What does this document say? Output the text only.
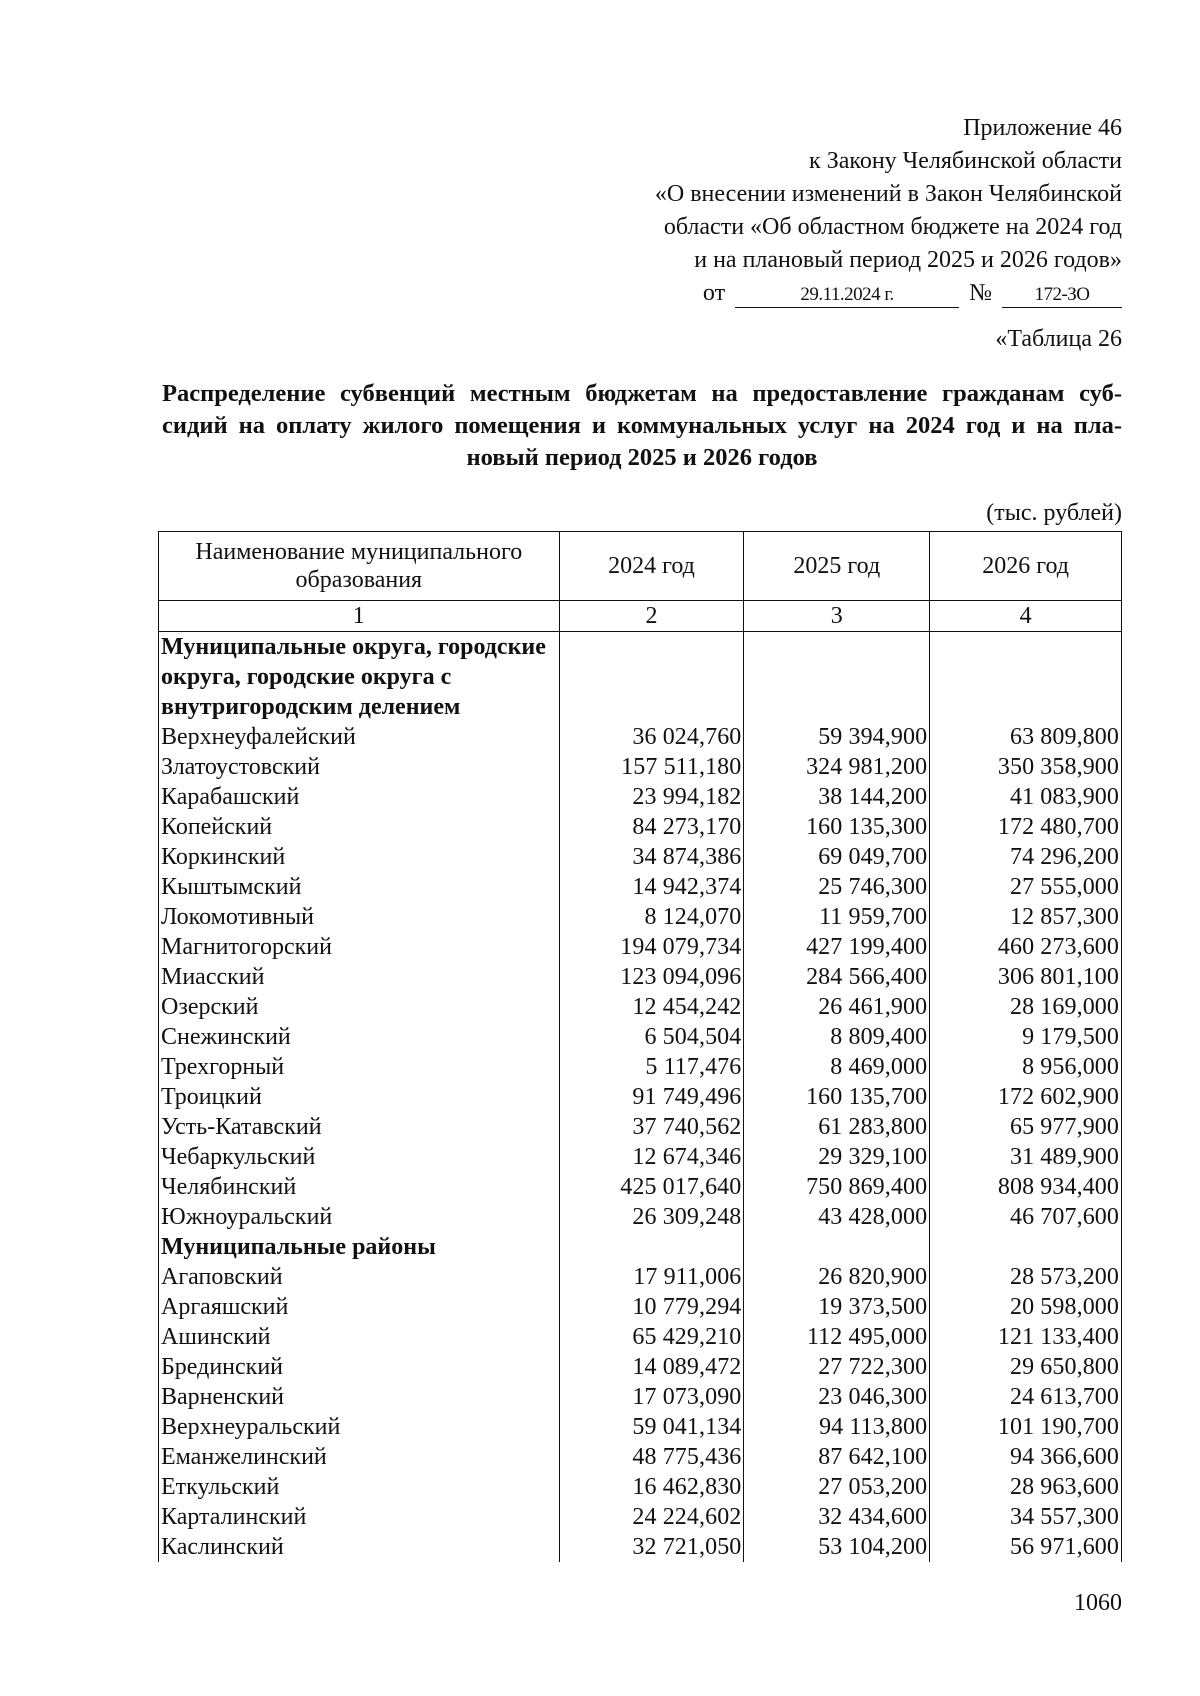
Приложение 46
к Закону Челябинской области
«О внесении изменений в Закон Челябинской
области «Об областном бюджете на 2024 год
и на плановый период 2025 и 2026 годов»
от	29.11.2024 г.	№ 172-ЗО
«Таблица 26
Распределение субвенций местным бюджетам на предоставление гражданам суб-
сидий на оплату жилого помещения и коммунальных услуг на 2024 год и на пла-
новый период 2025 и 2026 годов
(тыс. рублей)
Наименование муниципального образования	2024 год	2025 год	2026 год
1	2	3	4
Муниципальные округа, городские округа, городские округа с внутригородским делением			
Верхнеуфалейский	36 024,760	59 394,900	63 809,800
Златоустовский	157 511,180	324 981,200	350 358,900
Карабашский	23 994,182	38 144,200	41 083,900
Копейский	84 273,170	160 135,300	172 480,700
Коркинский	34 874,386	69 049,700	74 296,200
Кыштымский	14 942,374	25 746,300	27 555,000
Локомотивный	8 124,070	11 959,700	12 857,300
Магнитогорский	194 079,734	427 199,400	460 273,600
Миасский	123 094,096	284 566,400	306 801,100
Озерский	12 454,242	26 461,900	28 169,000
Снежинский	6 504,504	8 809,400	9 179,500
Трехгорный	5 117,476	8 469,000	8 956,000
Троицкий	91 749,496	160 135,700	172 602,900
Усть-Катавский	37 740,562	61 283,800	65 977,900
Чебаркульский	12 674,346	29 329,100	31 489,900
Челябинский	425 017,640	750 869,400	808 934,400
Южноуральский	26 309,248	43 428,000	46 707,600
Муниципальные районы			
Агаповский	17 911,006	26 820,900	28 573,200
Аргаяшский	10 779,294	19 373,500	20 598,000
Ашинский	65 429,210	112 495,000	121 133,400
Брединский	14 089,472	27 722,300	29 650,800
Варненский	17 073,090	23 046,300	24 613,700
Верхнеуральский	59 041,134	94 113,800	101 190,700
Еманжелинский	48 775,436	87 642,100	94 366,600
Еткульский	16 462,830	27 053,200	28 963,600
Карталинский	24 224,602	32 434,600	34 557,300
Каслинский	32 721,050	53 104,200	56 971,600
1060
